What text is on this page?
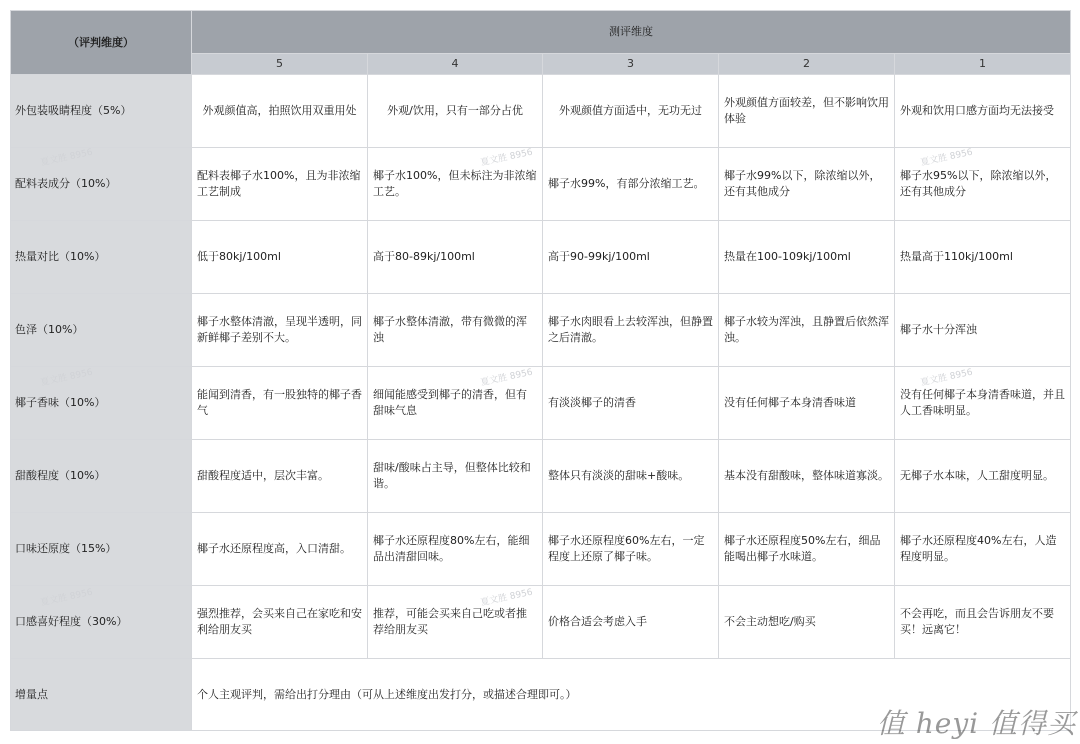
（评判维度）	测评维度				
	5	4	3	2	1
外包装吸睛程度（5%）	外观颜值高，拍照饮用双重用处	外观/饮用，只有一部分占优	外观颜值方面适中，无功无过	外观颜值方面较差，但不影响饮用体验	外观和饮用口感方面均无法接受
配料表成分（10%）	配料表椰子水100%，且为非浓缩工艺制成	椰子水100%，但未标注为非浓缩工艺。	椰子水99%，有部分浓缩工艺。	椰子水99%以下，除浓缩以外，还有其他成分	椰子水95%以下，除浓缩以外，还有其他成分
热量对比（10%）	低于80kj/100ml	高于80-89kj/100ml	高于90-99kj/100ml	热量在100-109kj/100ml	热量高于110kj/100ml
色泽（10%）	椰子水整体清澈，呈现半透明，同新鲜椰子差别不大。	椰子水整体清澈，带有微微的浑浊	椰子水肉眼看上去较浑浊，但静置之后清澈。	椰子水较为浑浊，且静置后依然浑浊。	椰子水十分浑浊
椰子香味（10%）	能闻到清香，有一股独特的椰子香气	细闻能感受到椰子的清香，但有甜味气息	有淡淡椰子的清香	没有任何椰子本身清香味道	没有任何椰子本身清香味道，并且人工香味明显。
甜酸程度（10%）	甜酸程度适中，层次丰富。	甜味/酸味占主导，但整体比较和谐。	整体只有淡淡的甜味+酸味。	基本没有甜酸味，整体味道寡淡。	无椰子水本味，人工甜度明显。
口味还原度（15%）	椰子水还原程度高，入口清甜。	椰子水还原程度80%左右，能细品出清甜回味。	椰子水还原程度60%左右，一定程度上还原了椰子味。	椰子水还原程度50%左右，细品能喝出椰子水味道。	椰子水还原程度40%左右，人造程度明显。
口感喜好程度（30%）	强烈推荐，会买来自己在家吃和安利给朋友买	推荐，可能会买来自己吃或者推荐给朋友买	价格合适会考虑入手	不会主动想吃/购买	不会再吃，而且会告诉朋友不要买！远离它！
增量点	个人主观评判，需给出打分理由（可从上述维度出发打分，或描述合理即可。）				
夏文胜 8956	夏文胜 8956	夏文胜 8956
夏文胜 8956	夏文胜 8956	夏文胜 8956
夏文胜 8956	夏文胜 8956
值 heyi 值得买
